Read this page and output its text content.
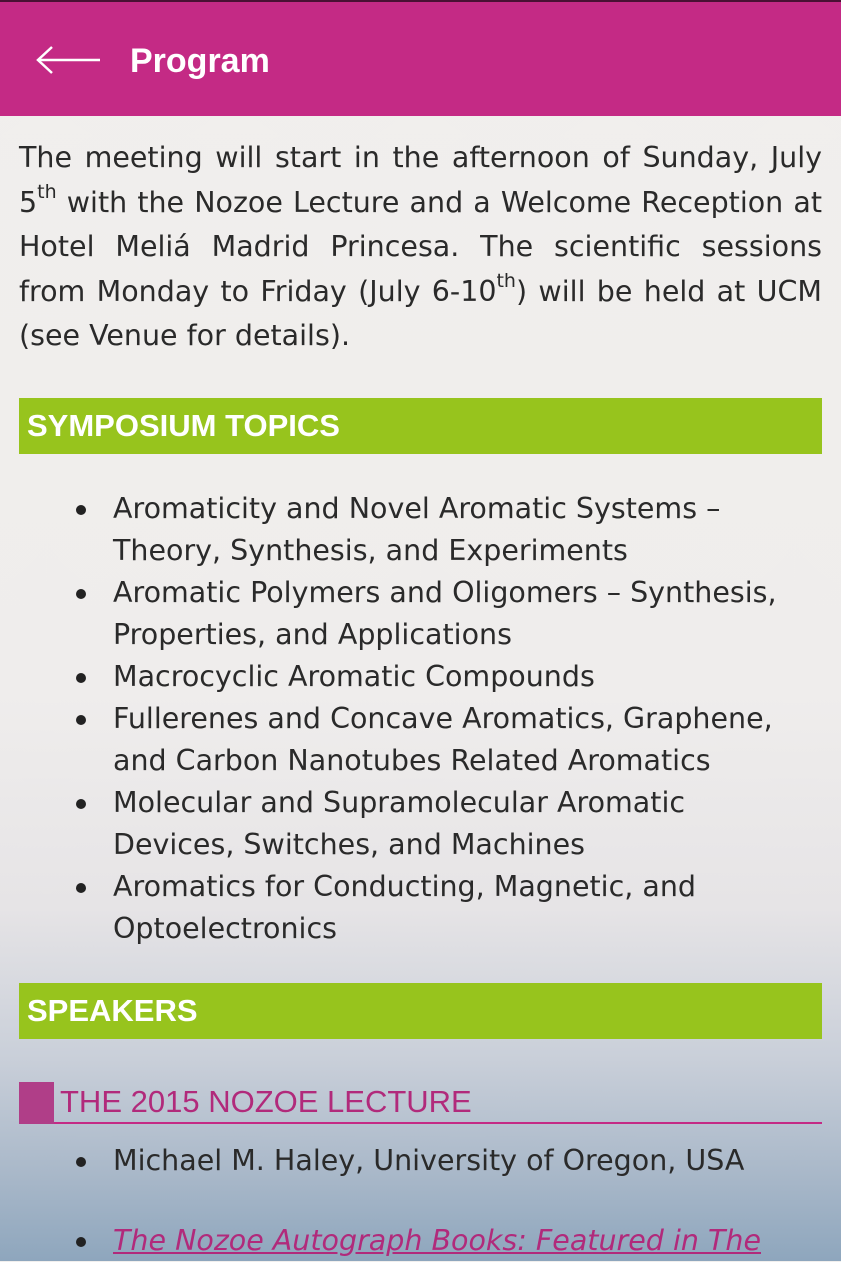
Program

The meeting will start in the afternoon of Sunday, July 5th with the Nozoe Lecture and a Welcome Reception at Hotel Meliá Madrid Princesa. The scientific sessions from Monday to Friday (July 6-10th) will be held at UCM (see Venue for details).

SYMPOSIUM TOPICS
Aromaticity and Novel Aromatic Systems –
Theory, Synthesis, and Experiments
Aromatic Polymers and Oligomers – Synthesis,
Properties, and Applications
Macrocyclic Aromatic Compounds
Fullerenes and Concave Aromatics, Graphene,
and Carbon Nanotubes Related Aromatics
Molecular and Supramolecular Aromatic
Devices, Switches, and Machines
Aromatics for Conducting, Magnetic, and
Optoelectronics
SPEAKERS
THE 2015 NOZOE LECTURE
Michael M. Haley, University of Oregon, USA
The Nozoe Autograph Books: Featured in The
